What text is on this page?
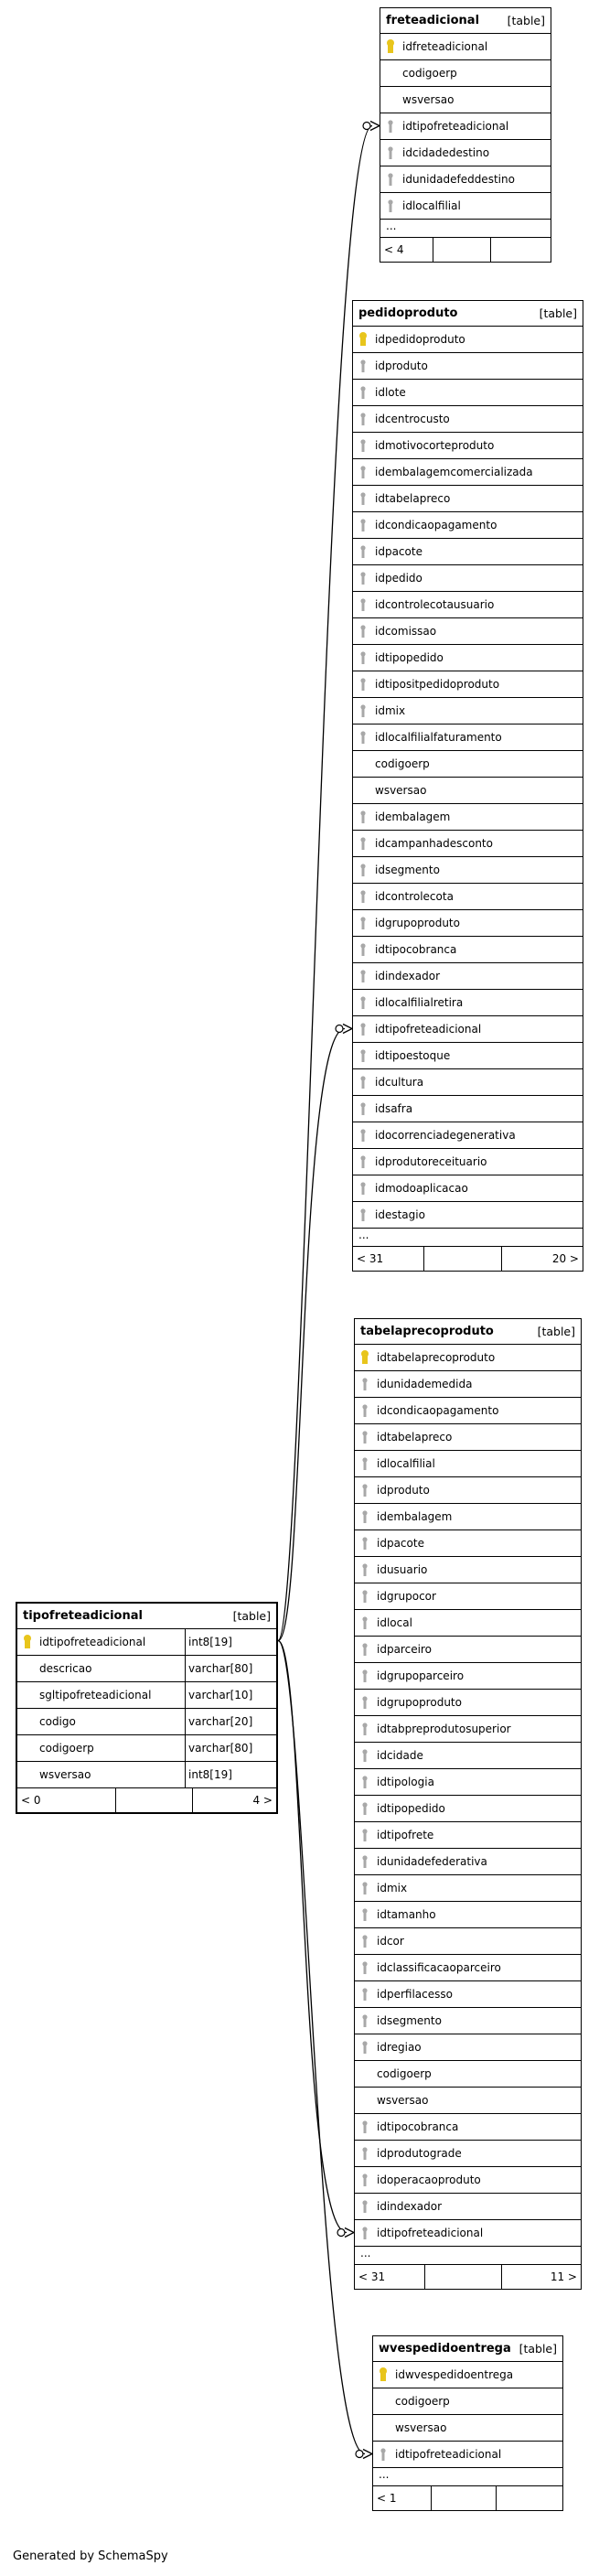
freteadicional [table]
idfreteadicional
codigoerp
wsversao
idtipofreteadicional
idcidadedestino
idunidadefeddestino
idlocalfilial
...
< 4
pedidoproduto	[table]
idpedidoproduto
idproduto
idlote
idcentrocusto
idmotivocorteproduto
idembalagemcomercializada
idtabelapreco
idcondicaopagamento
idpacote
idpedido
idcontrolecotausuario
idcomissao
idtipopedido
idtipositpedidoproduto
idmix
idlocalfilialfaturamento
codigoerp
wsversao
idembalagem
idcampanhadesconto
idsegmento
idcontrolecota
idgrupoproduto
idtipocobranca
idindexador
idlocalfilialretira
idtipofreteadicional
idtipoestoque
idcultura
idsafra
idocorrenciadegenerativa
idprodutoreceituario
idmodoaplicacao
idestagio
...
< 31	20 >
tabelaprecoproduto	[table]
idtabelaprecoproduto
idunidademedida
idcondicaopagamento
idtabelapreco
idlocalfilial
idproduto
idembalagem
idpacote
idusuario
idgrupocor
idlocal
idparceiro
idgrupoparceiro
idgrupoproduto
idtabpreprodutosuperior
idcidade
idtipologia
idtipopedido
idtipofrete
idunidadefederativa
idmix
idtamanho
idcor
idclassificacaoparceiro
idperfilacesso
idsegmento
idregiao
codigoerp
wsversao
idtipocobranca
idprodutograde
idoperacaoproduto
idindexador
idtipofreteadicional
...
< 31	11 >
tipofreteadicional	[table]
idtipofreteadicional	int8[19]
descricao	varchar[80]
sgltipofreteadicional	varchar[10]
codigo	varchar[20]
codigoerp	varchar[80]
wsversao	int8[19]
< 0	4 >
wvespedidoentrega [table]
idwvespedidoentrega
codigoerp
wsversao
idtipofreteadicional
...
< 1
Generated by SchemaSpy
